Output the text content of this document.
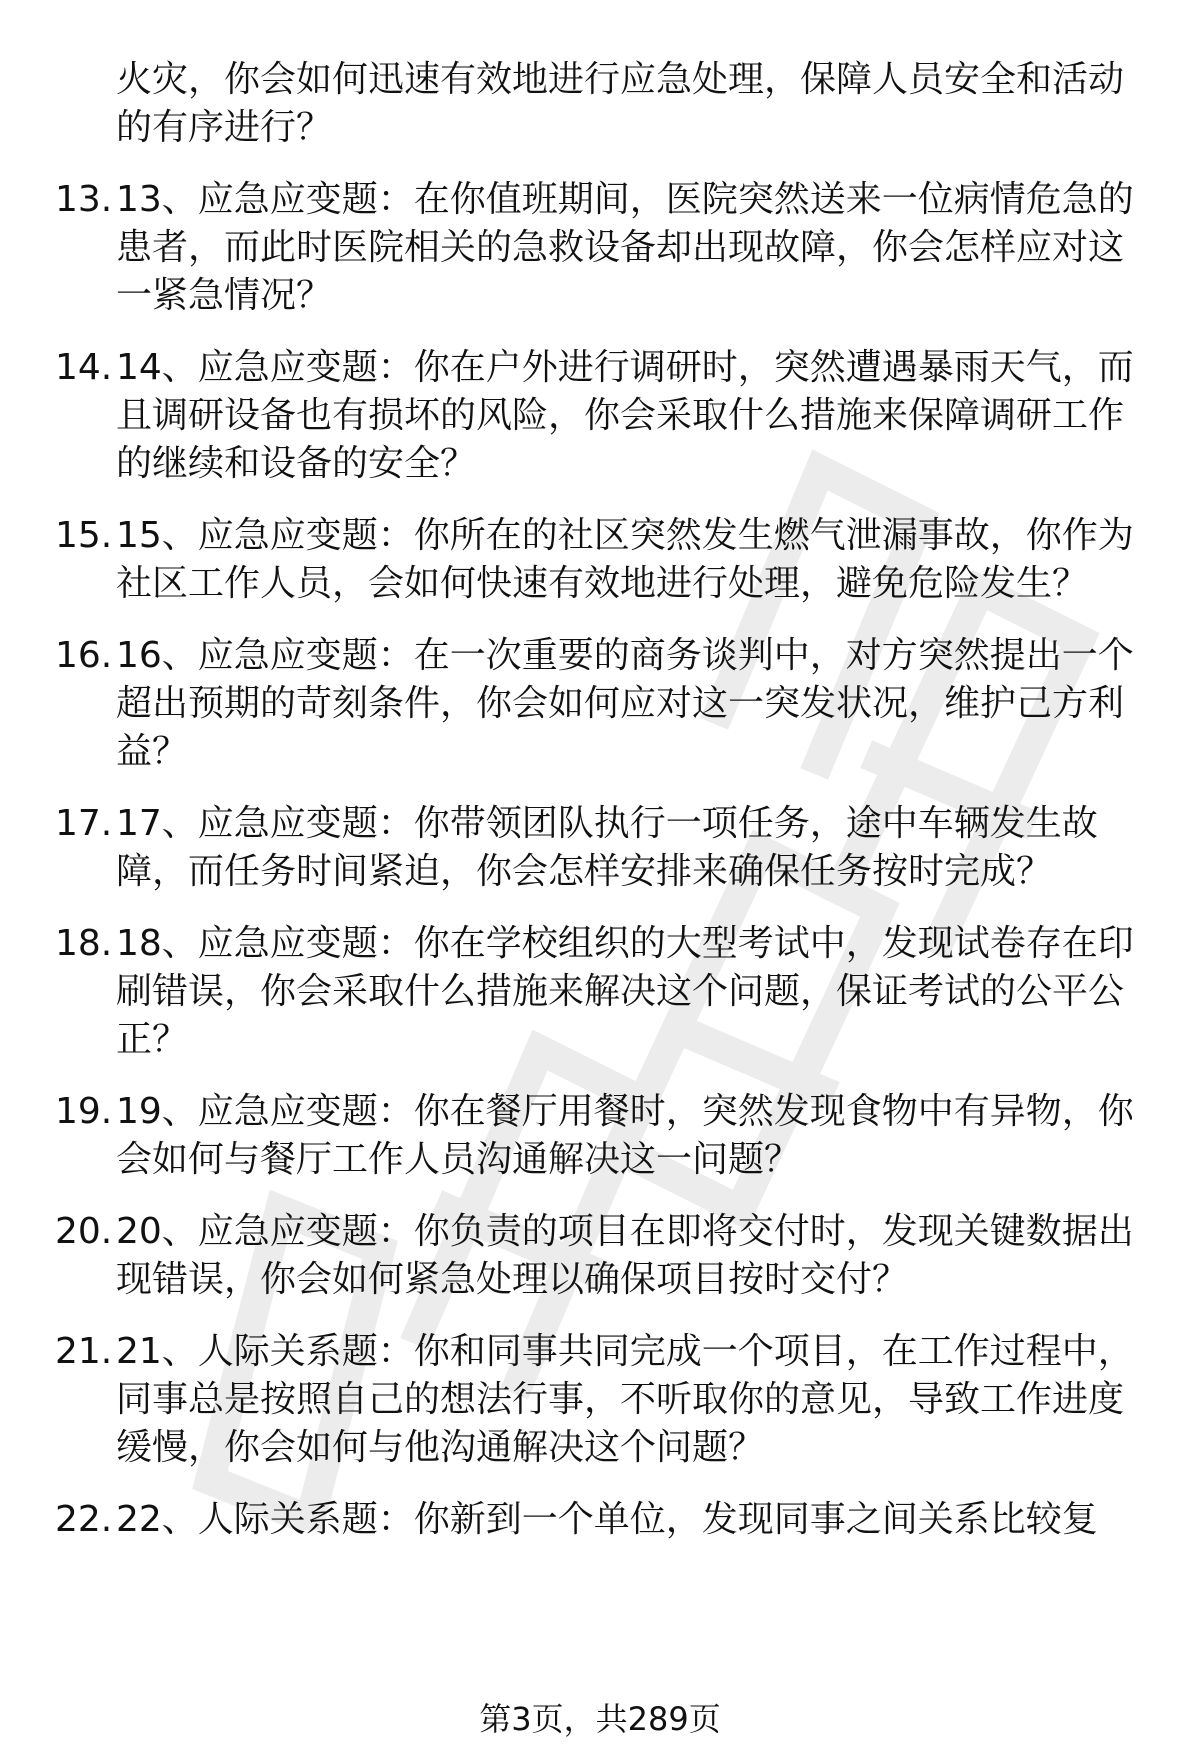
火灾，你会如何迅速有效地进行应急处理，保障人员安全和活动
的有序进行？
13. 13、应急应变题：在你值班期间，医院突然送来一位病情危急的
患者，而此时医院相关的急救设备却出现故障，你会怎样应对这
一紧急情况？
14. 14、应急应变题：你在户外进行调研时，突然遭遇暴雨天气，而
且调研设备也有损坏的风险，你会采取什么措施来保障调研工作
的继续和设备的安全？
15. 15、应急应变题：你所在的社区突然发生燃气泄漏事故，你作为
社区工作人员，会如何快速有效地进行处理，避免危险发生？
16. 16、应急应变题：在一次重要的商务谈判中，对方突然提出一个
超出预期的苛刻条件，你会如何应对这一突发状况，维护己方利
益？
17. 17、应急应变题：你带领团队执行一项任务，途中车辆发生故
障，而任务时间紧迫，你会怎样安排来确保任务按时完成？
18. 18、应急应变题：你在学校组织的大型考试中，发现试卷存在印
刷错误，你会采取什么措施来解决这个问题，保证考试的公平公
正？
19. 19、应急应变题：你在餐厅用餐时，突然发现食物中有异物，你
会如何与餐厅工作人员沟通解决这一问题？
20. 20、应急应变题：你负责的项目在即将交付时，发现关键数据出
现错误，你会如何紧急处理以确保项目按时交付？
21. 21、人际关系题：你和同事共同完成一个项目，在工作过程中，
同事总是按照自己的想法行事，不听取你的意见，导致工作进度
缓慢，你会如何与他沟通解决这个问题？
22. 22、人际关系题：你新到一个单位，发现同事之间关系比较复
第3页，共289页
